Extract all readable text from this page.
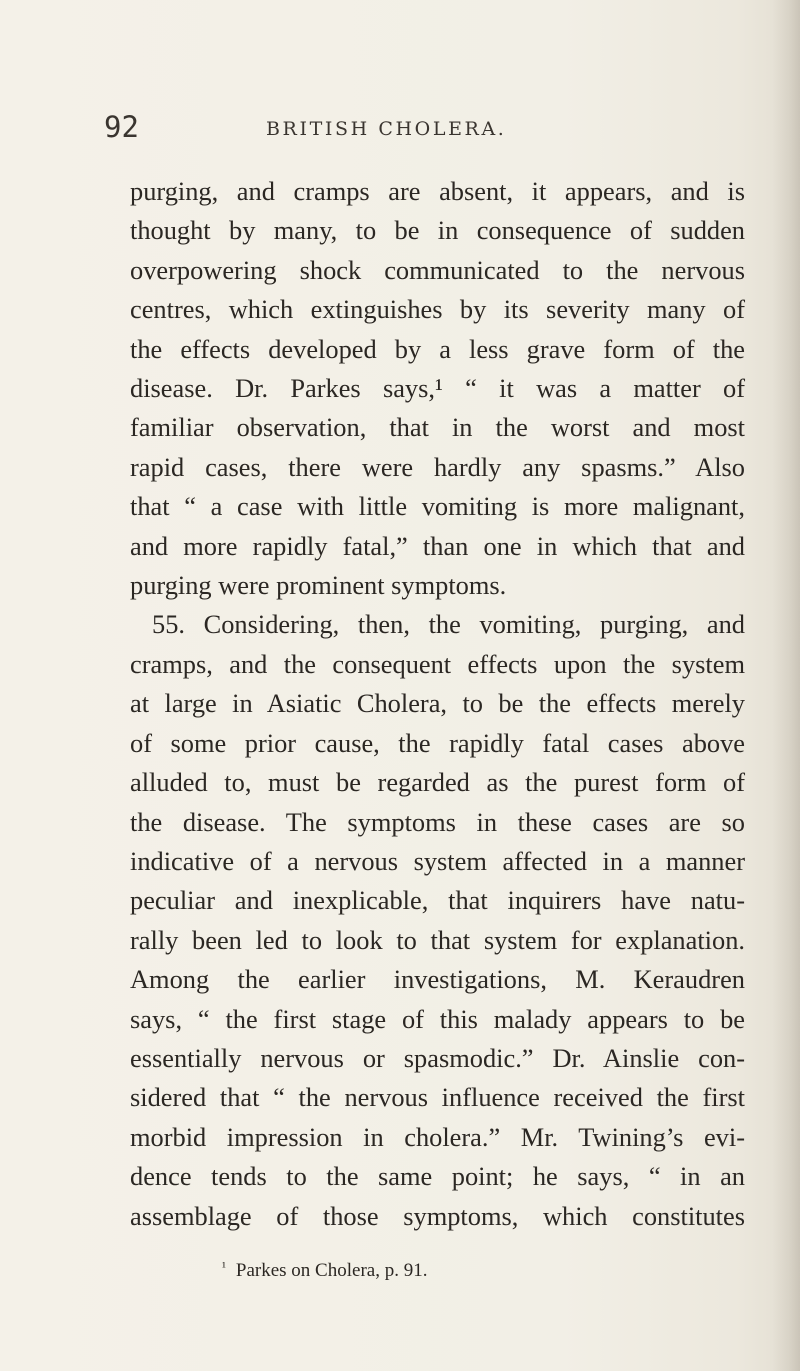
92	BRITISH CHOLERA.
purging, and cramps are absent, it appears, and is
thought by many, to be in consequence of sudden
overpowering shock communicated to the nervous
centres, which extinguishes by its severity many of
the effects developed by a less grave form of the
disease. Dr. Parkes says,¹ “ it was a matter of
familiar observation, that in the worst and most
rapid cases, there were hardly any spasms.” Also
that “ a case with little vomiting is more malignant,
and more rapidly fatal,” than one in which that and
purging were prominent symptoms.
55. Considering, then, the vomiting, purging, and
cramps, and the consequent effects upon the system
at large in Asiatic Cholera, to be the effects merely
of some prior cause, the rapidly fatal cases above
alluded to, must be regarded as the purest form of
the disease. The symptoms in these cases are so
indicative of a nervous system affected in a manner
peculiar and inexplicable, that inquirers have natu-
rally been led to look to that system for explanation.
Among the earlier investigations, M. Keraudren
says, “ the first stage of this malady appears to be
essentially nervous or spasmodic.” Dr. Ainslie con-
sidered that “ the nervous influence received the first
morbid impression in cholera.” Mr. Twining’s evi-
dence tends to the same point; he says, “ in an
assemblage of those symptoms, which constitutes
$^{^1}$ Parkes on Cholera, p. 91.
